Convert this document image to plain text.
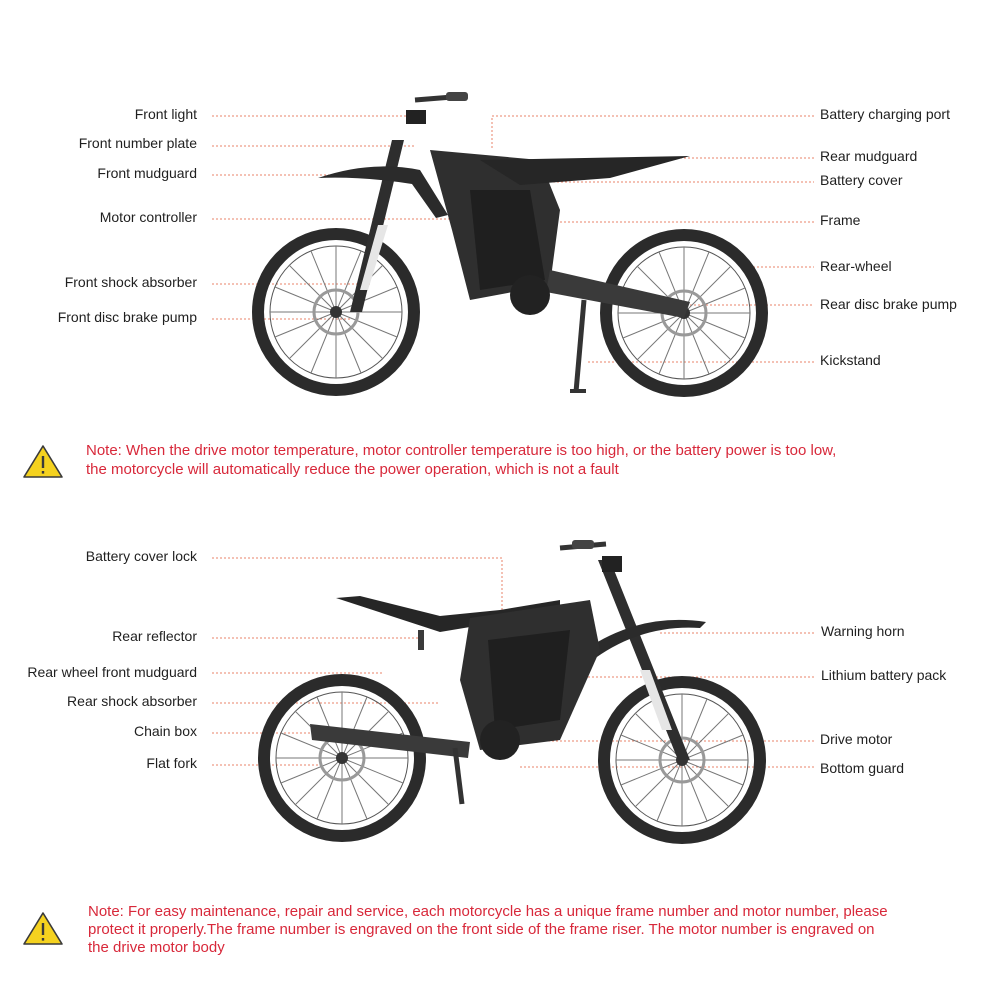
Front light
Front number plate
Front mudguard
Motor controller
Front shock absorber
Front disc brake pump
Battery charging port
Rear mudguard
Battery cover
Frame
Rear-wheel
Rear disc brake pump
Kickstand
Note: When the drive motor temperature, motor controller temperature is too high, or the battery power is too low,
the motorcycle will automatically reduce the power operation, which is not a fault
Battery cover lock
Rear reflector
Rear wheel front mudguard
Rear shock absorber
Chain box
Flat fork
Warning horn
Lithium battery pack
Drive motor
Bottom guard
Note: For easy maintenance, repair and service, each motorcycle has a unique frame number and motor number, please
protect it properly.The frame number is engraved on the front side of the frame riser. The motor number is engraved on
the drive motor body
